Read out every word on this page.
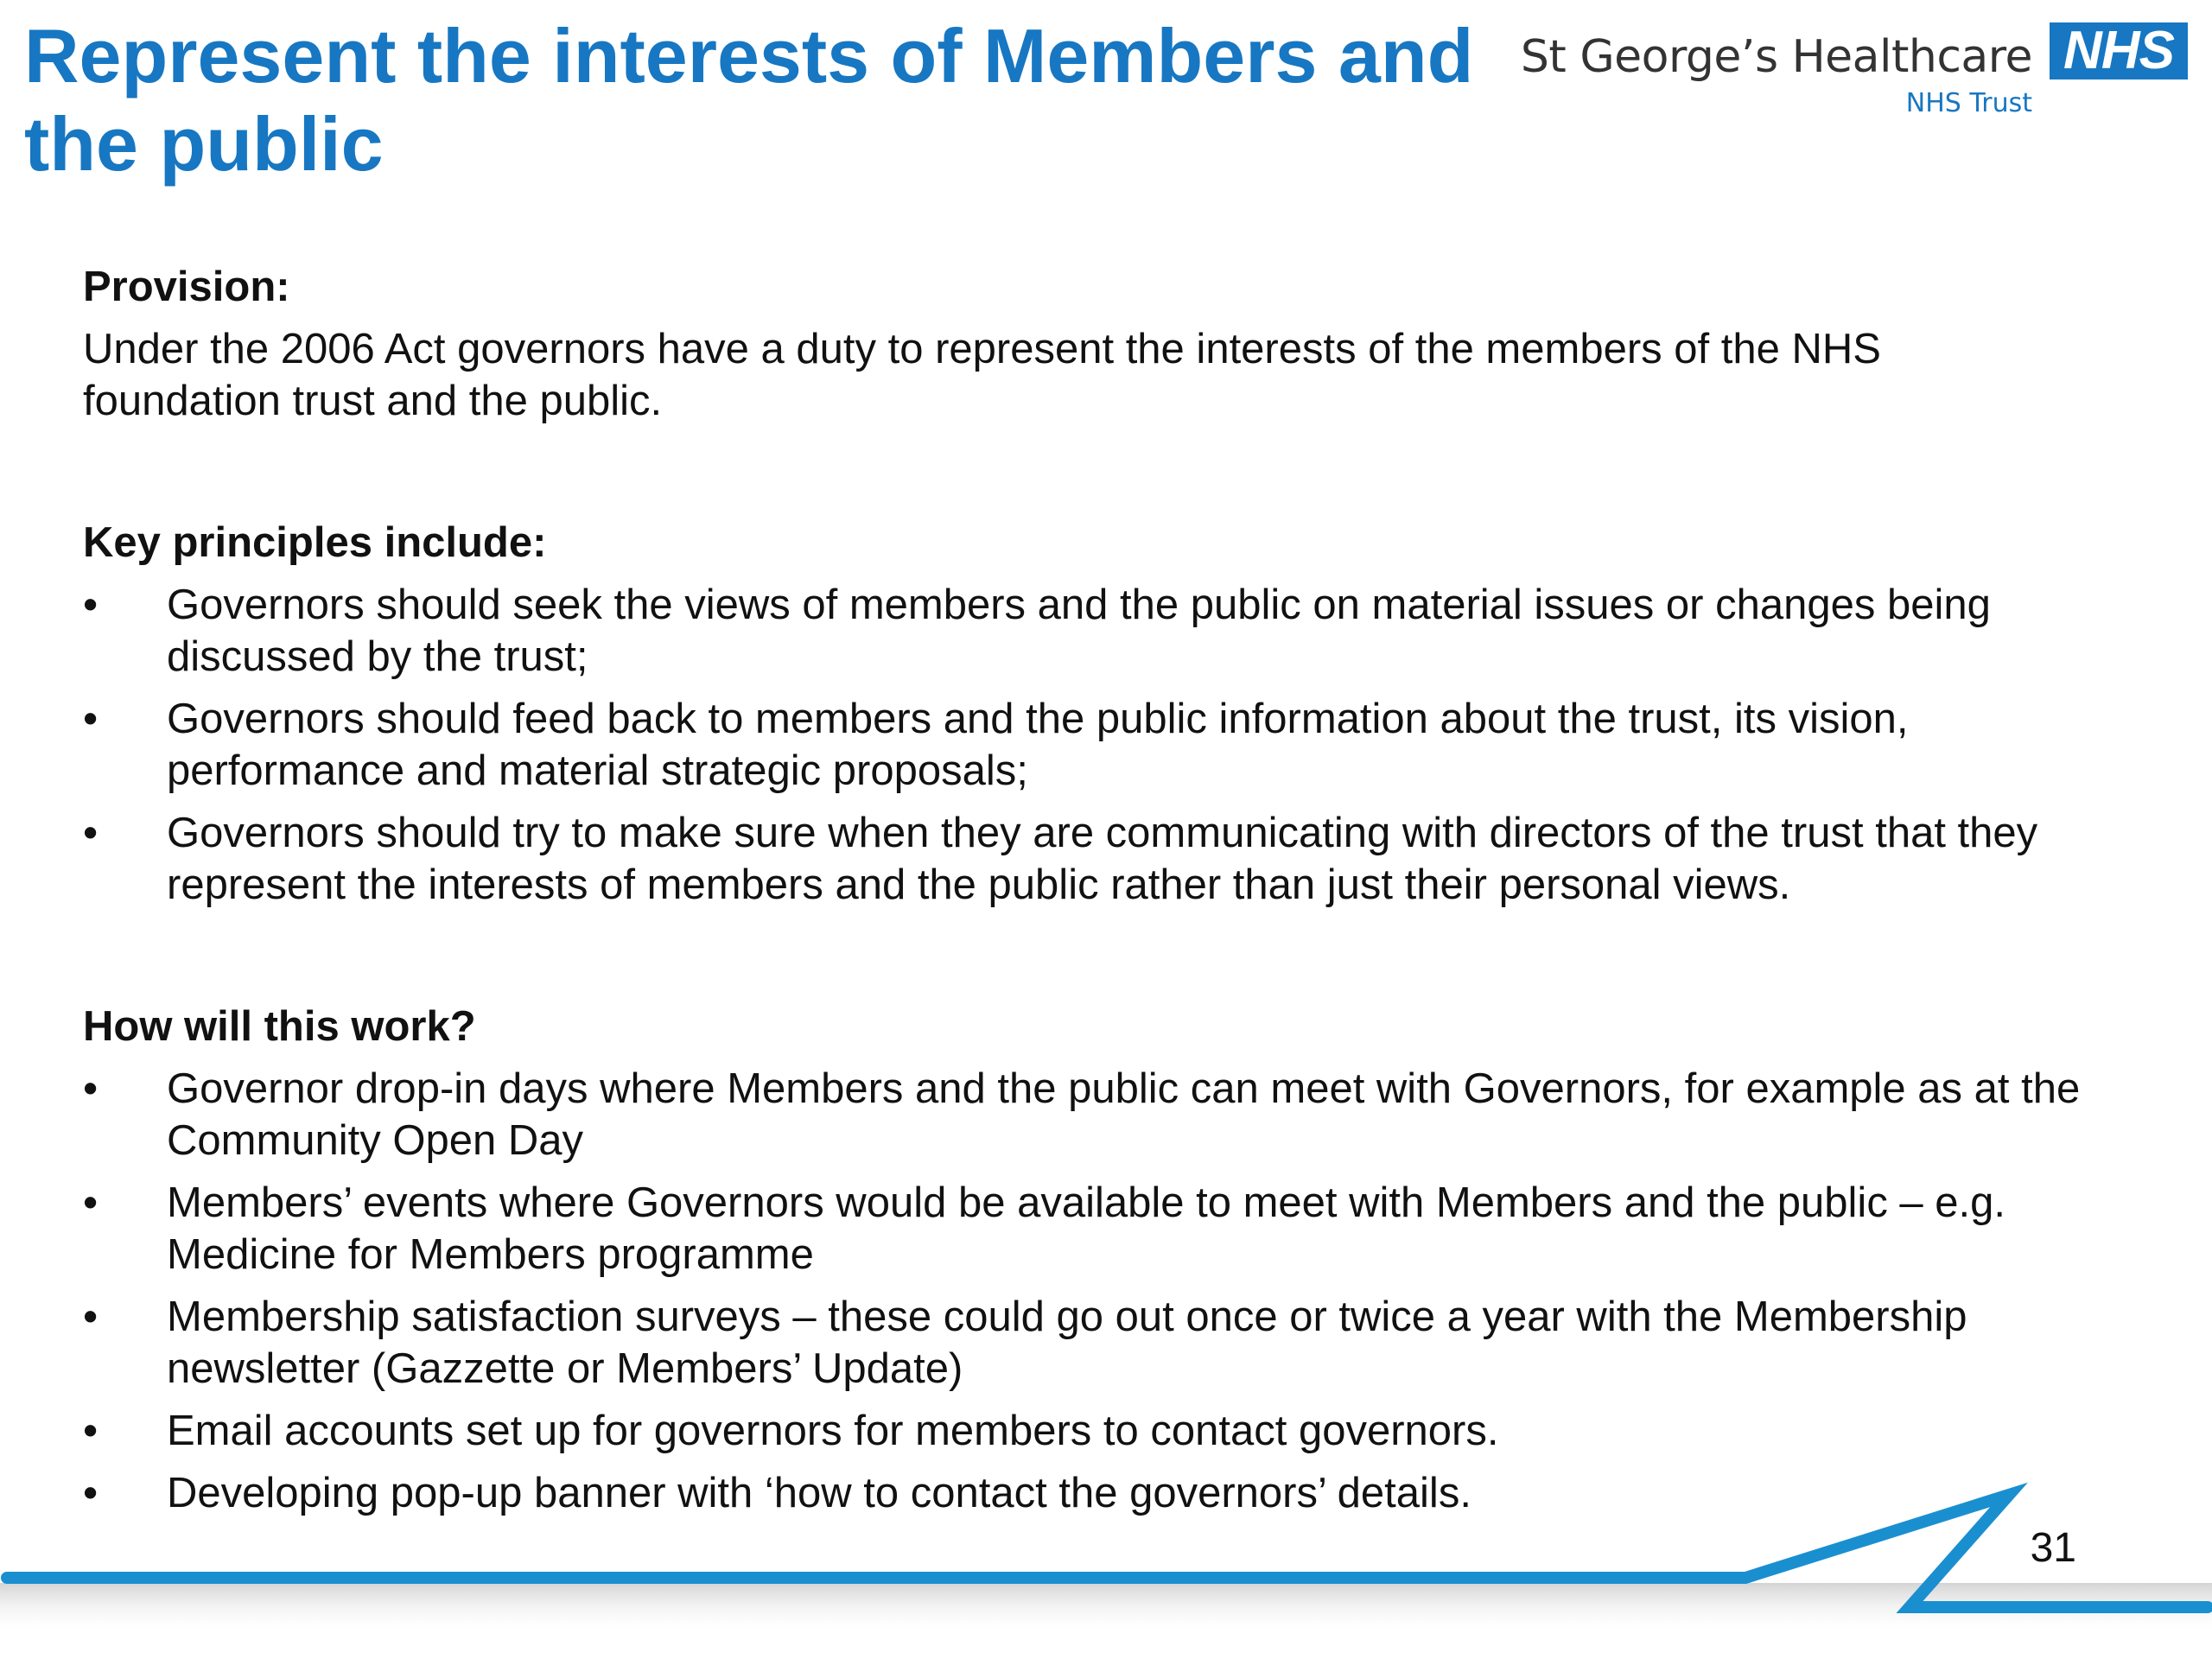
Represent the interests of Members and
the public
St George’s Healthcare
NHS Trust
NHS
Provision:

Under the 2006 Act governors have a duty to represent the interests of the members of the NHS foundation trust and the public.

Key principles include:
•	Governors should seek the views of members and the public on material issues or changes being discussed by the trust;
•	Governors should feed back to members and the public information about the trust, its vision, performance and material strategic proposals;
•	Governors should try to make sure when they are communicating with directors of the trust that they represent the interests of members and the public rather than just their personal views.
How will this work?
•	Governor drop-in days where Members and the public can meet with Governors, for example as at the Community Open Day
•	Members’ events where Governors would be available to meet with Members and the public – e.g. Medicine for Members programme
•	Membership satisfaction surveys – these could go out once or twice a year with the Membership newsletter (Gazzette or Members’ Update)
•	Email accounts set up for governors for members to contact governors.
•	Developing pop-up banner with ‘how to contact the governors’ details.
31
